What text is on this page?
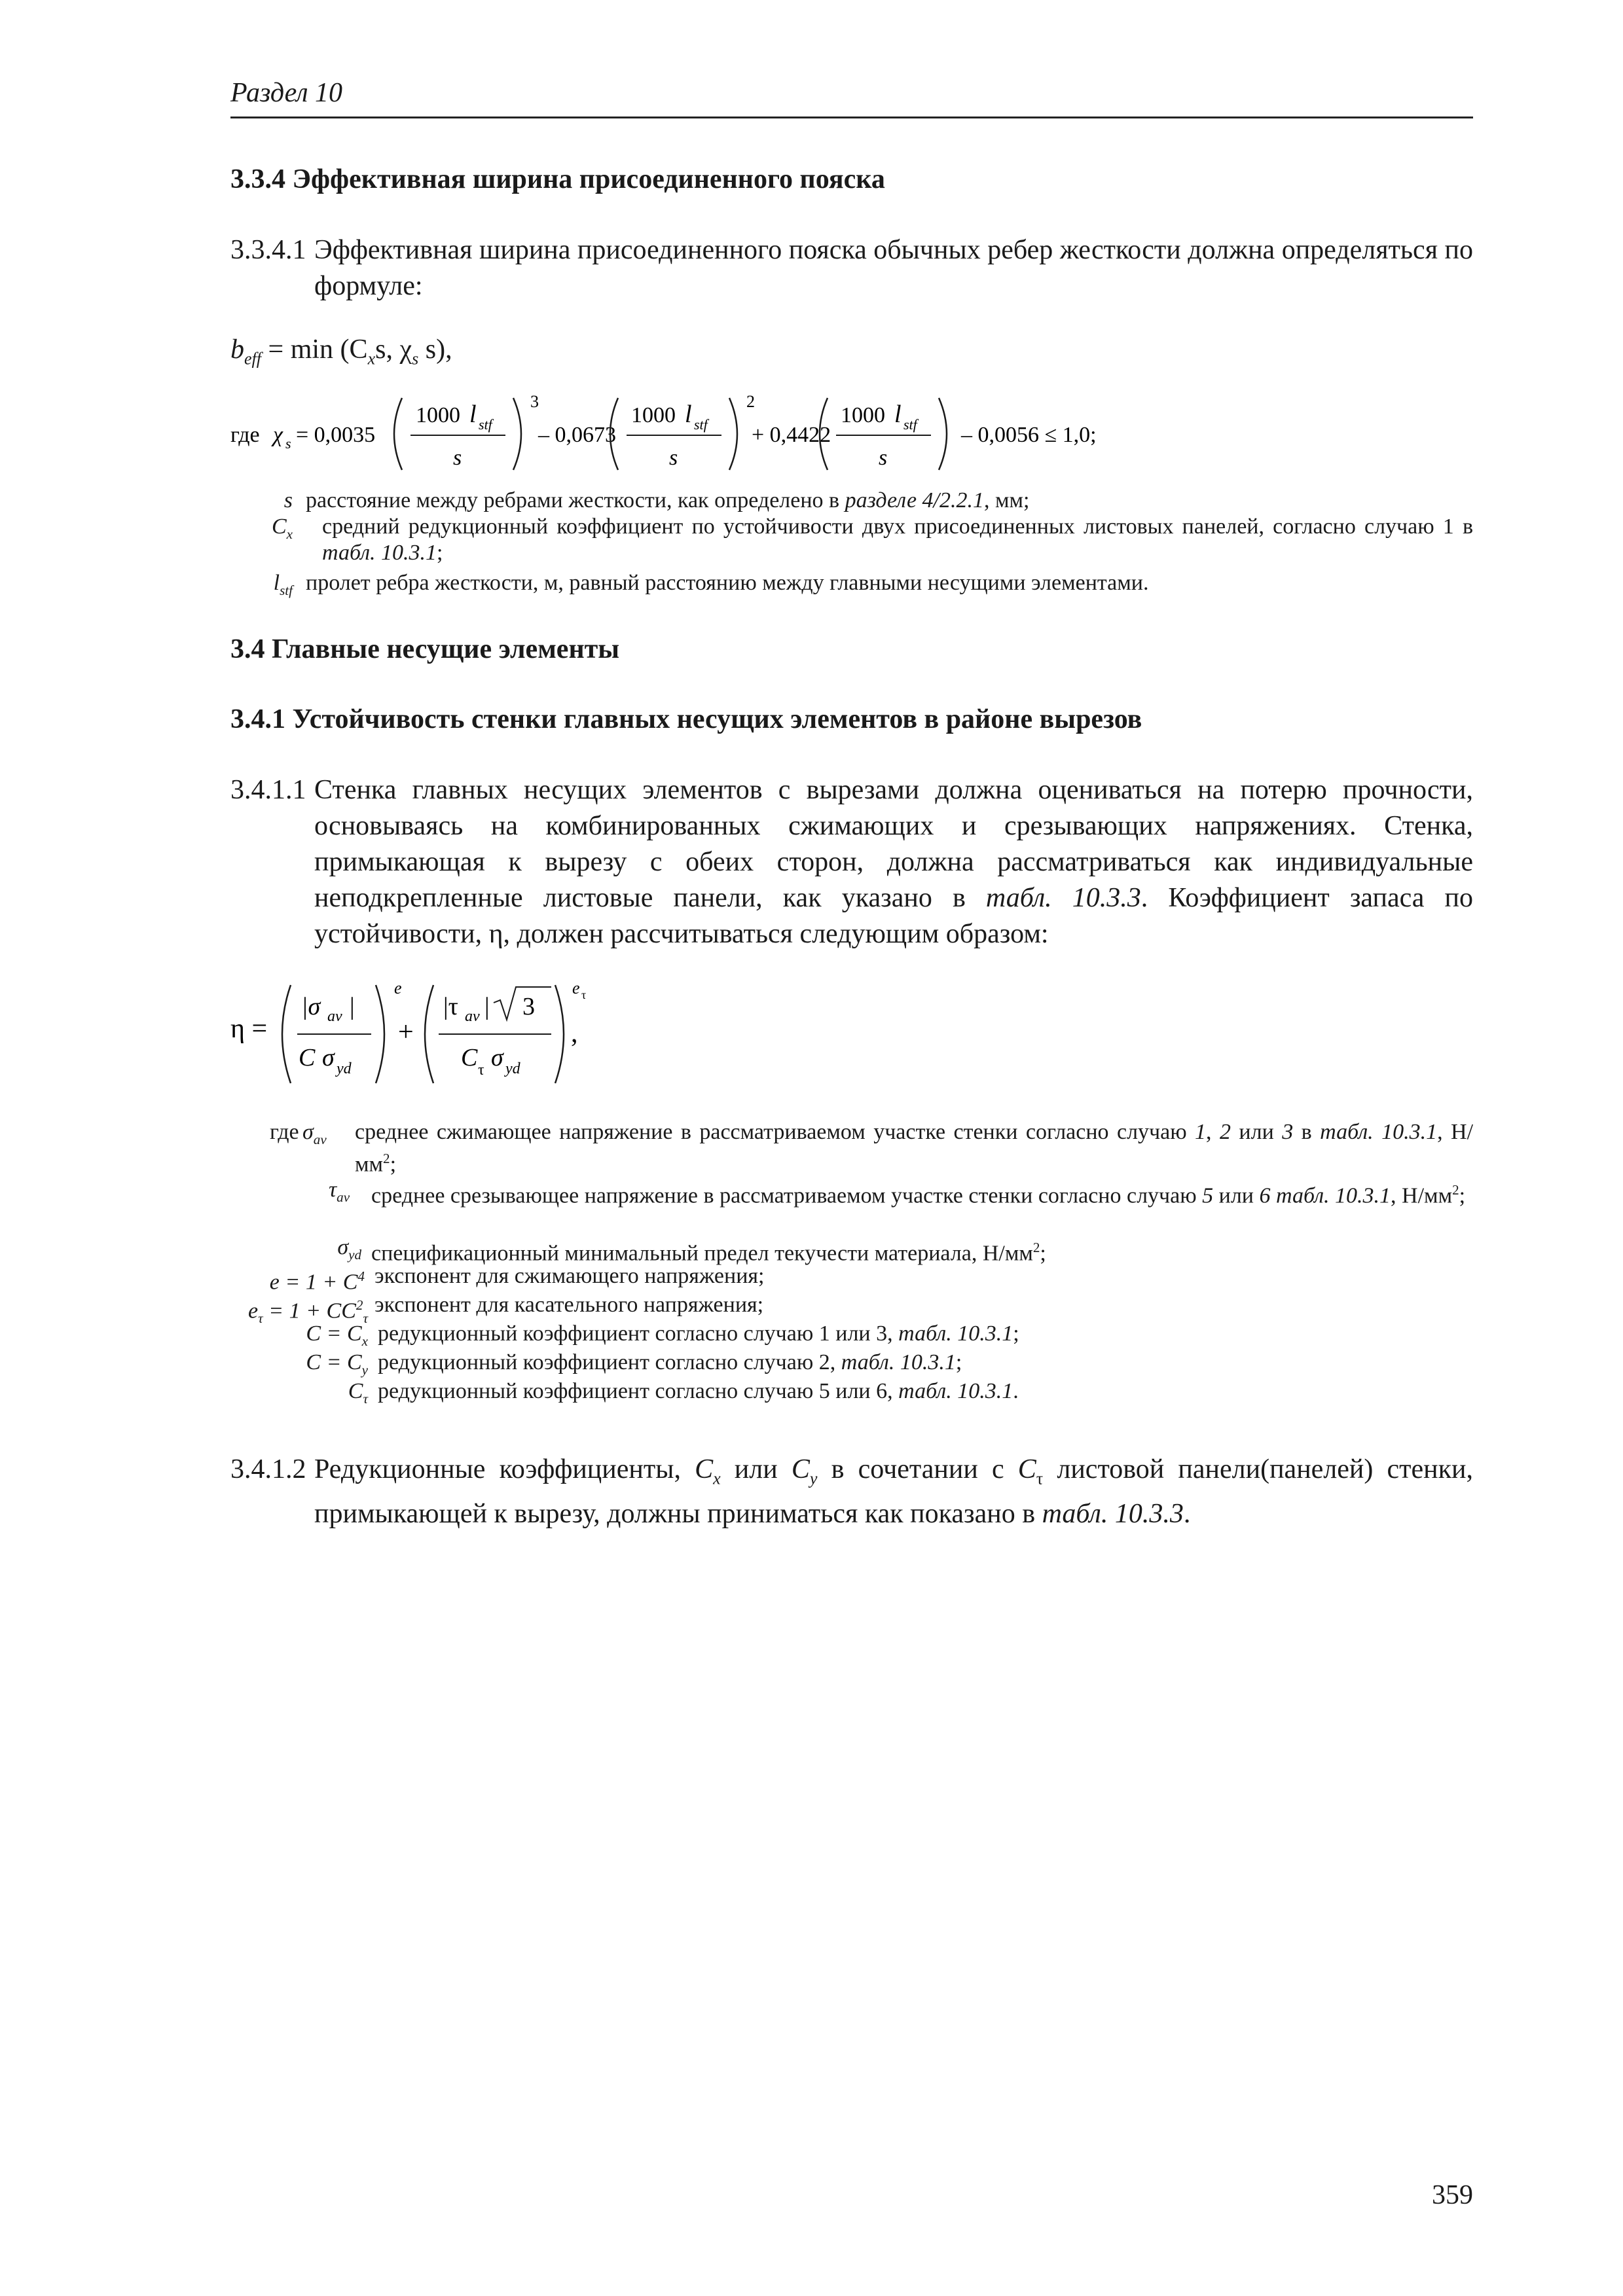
Раздел 10
3.3.4 Эффективная ширина присоединенного пояска
3.3.4.1 Эффективная ширина присоединенного пояска обычных ребер жесткости должна определяться по формуле:
$b_{eff} = \min (C_xs$, $\chi_s$ s),
где χ s = 0,0035
1000 l stf
s
3
– 0,0673
1000 l stf
s
2
+ 0,4422
1000 l stf
s
– 0,0056 ≤ 1,0;
s расстояние между ребрами жесткости, как определено в разделе 4/2.2.1, мм;
$C_x$	средний редукционный коэффициент по устойчивости двух присоединенных листовых панелей, согласно случаю 1 в табл. 10.3.1;
$l_{stf}$ пролет ребра жесткости, м, равный расстоянию между главными несущими элементами.
3.4 Главные несущие элементы
3.4.1 Устойчивость стенки главных несущих элементов в районе вырезов
3.4.1.1 Стенка главных несущих элементов с вырезами должна оцениваться на потерю прочности, основываясь на комбинированных сжимающих и срезывающих напряжениях. Стенка, примыкающая к вырезу с обеих сторон, должна рассматриваться как индивидуальные неподкрепленные листовые панели, как указано в табл. 10.3.3. Коэффициент запаса по устойчивости, η, должен рассчитываться следующим образом:
η =
|σ av |
C σ yd
e
+
|τ av | 3
C τ σ yd
e τ
,
где $\sigma_{av}$	среднее сжимающее напряжение в рассматриваемом участке стенки согласно случаю 1, 2 или 3 в табл. 10.3.1, $Н/мм^2$;
$\tau_{av}$ среднее срезывающее напряжение в рассматриваемом участке стенки согласно случаю 5 или 6 табл. 10.3.1, $Н/мм^2$;
$\sigma_{yd}$ спецификационный минимальный предел текучести материала, $Н/мм^2$;
$e = 1 + C^4$ экспонент для сжимающего напряжения;
$e_\tau = 1 + CC^2_\tau$
экспонент для касательного напряжения;
$C = C_x$ редукционный коэффициент согласно случаю 1 или 3, табл. 10.3.1;
$C = C_y$ редукционный коэффициент согласно случаю 2, табл. 10.3.1;
$C_\tau$ редукционный коэффициент согласно случаю 5 или 6, табл. 10.3.1.
3.4.1.2 Редукционные коэффициенты, $C_x$ или $C_y$ в сочетании с $C_\tau$ листовой панели(панелей) стенки, примыкающей к вырезу, должны приниматься как показано в табл. 10.3.3.
359
